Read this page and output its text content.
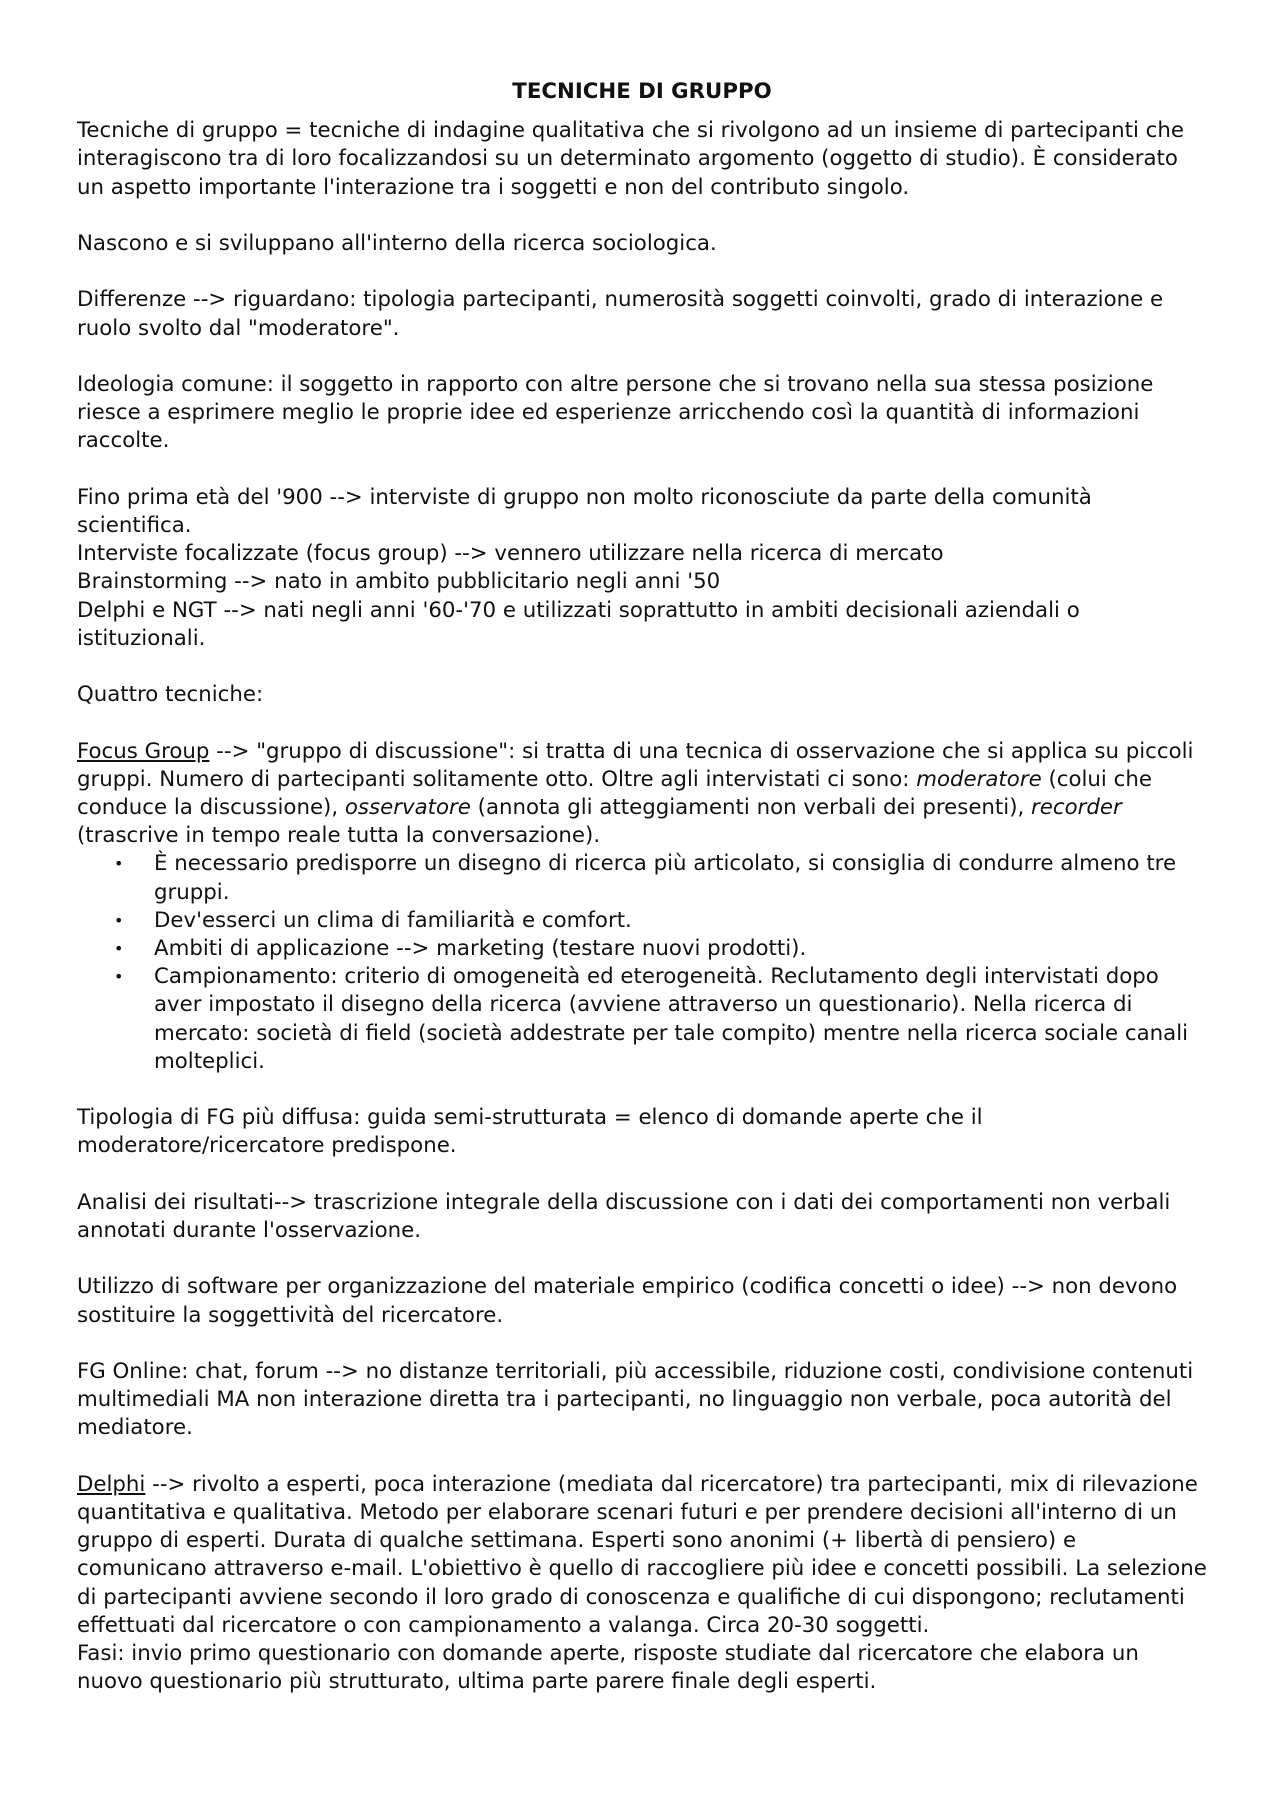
TECNICHE DI GRUPPO

Tecniche di gruppo = tecniche di indagine qualitativa che si rivolgono ad un insieme di partecipanti che interagiscono tra di loro focalizzandosi su un determinato argomento (oggetto di studio). È considerato un aspetto importante l'interazione tra i soggetti e non del contributo singolo.

Nascono e si sviluppano all'interno della ricerca sociologica.

Differenze --> riguardano: tipologia partecipanti, numerosità soggetti coinvolti, grado di interazione e ruolo svolto dal "moderatore".

Ideologia comune: il soggetto in rapporto con altre persone che si trovano nella sua stessa posizione riesce a esprimere meglio le proprie idee ed esperienze arricchendo così la quantità di informazioni raccolte.

Fino prima età del '900 --> interviste di gruppo non molto riconosciute da parte della comunità scientifica.
Interviste focalizzate (focus group) --> vennero utilizzare nella ricerca di mercato
Brainstorming --> nato in ambito pubblicitario negli anni '50
Delphi e NGT --> nati negli anni '60-'70 e utilizzati soprattutto in ambiti decisionali aziendali o istituzionali.

Quattro tecniche:

Focus Group --> "gruppo di discussione": si tratta di una tecnica di osservazione che si applica su piccoli gruppi. Numero di partecipanti solitamente otto. Oltre agli intervistati ci sono: moderatore (colui che conduce la discussione), osservatore (annota gli atteggiamenti non verbali dei presenti), recorder (trascrive in tempo reale tutta la conversazione).

• È necessario predisporre un disegno di ricerca più articolato, si consiglia di condurre almeno tre gruppi.
• Dev'esserci un clima di familiarità e comfort.
• Ambiti di applicazione --> marketing (testare nuovi prodotti).
• Campionamento: criterio di omogeneità ed eterogeneità. Reclutamento degli intervistati dopo aver impostato il disegno della ricerca (avviene attraverso un questionario). Nella ricerca di mercato: società di field (società addestrate per tale compito) mentre nella ricerca sociale canali molteplici.

Tipologia di FG più diffusa: guida semi-strutturata = elenco di domande aperte che il moderatore/ricercatore predispone.

Analisi dei risultati--> trascrizione integrale della discussione con i dati dei comportamenti non verbali annotati durante l'osservazione.

Utilizzo di software per organizzazione del materiale empirico (codifica concetti o idee) --> non devono sostituire la soggettività del ricercatore.

FG Online: chat, forum --> no distanze territoriali, più accessibile, riduzione costi, condivisione contenuti multimediali MA non interazione diretta tra i partecipanti, no linguaggio non verbale, poca autorità del mediatore.

Delphi --> rivolto a esperti, poca interazione (mediata dal ricercatore) tra partecipanti, mix di rilevazione quantitativa e qualitativa. Metodo per elaborare scenari futuri e per prendere decisioni all'interno di un gruppo di esperti. Durata di qualche settimana. Esperti sono anonimi (+ libertà di pensiero) e comunicano attraverso e-mail. L'obiettivo è quello di raccogliere più idee e concetti possibili. La selezione di partecipanti avviene secondo il loro grado di conoscenza e qualifiche di cui dispongono; reclutamenti effettuati dal ricercatore o con campionamento a valanga. Circa 20-30 soggetti.

Fasi: invio primo questionario con domande aperte, risposte studiate dal ricercatore che elabora un nuovo questionario più strutturato, ultima parte parere finale degli esperti.
